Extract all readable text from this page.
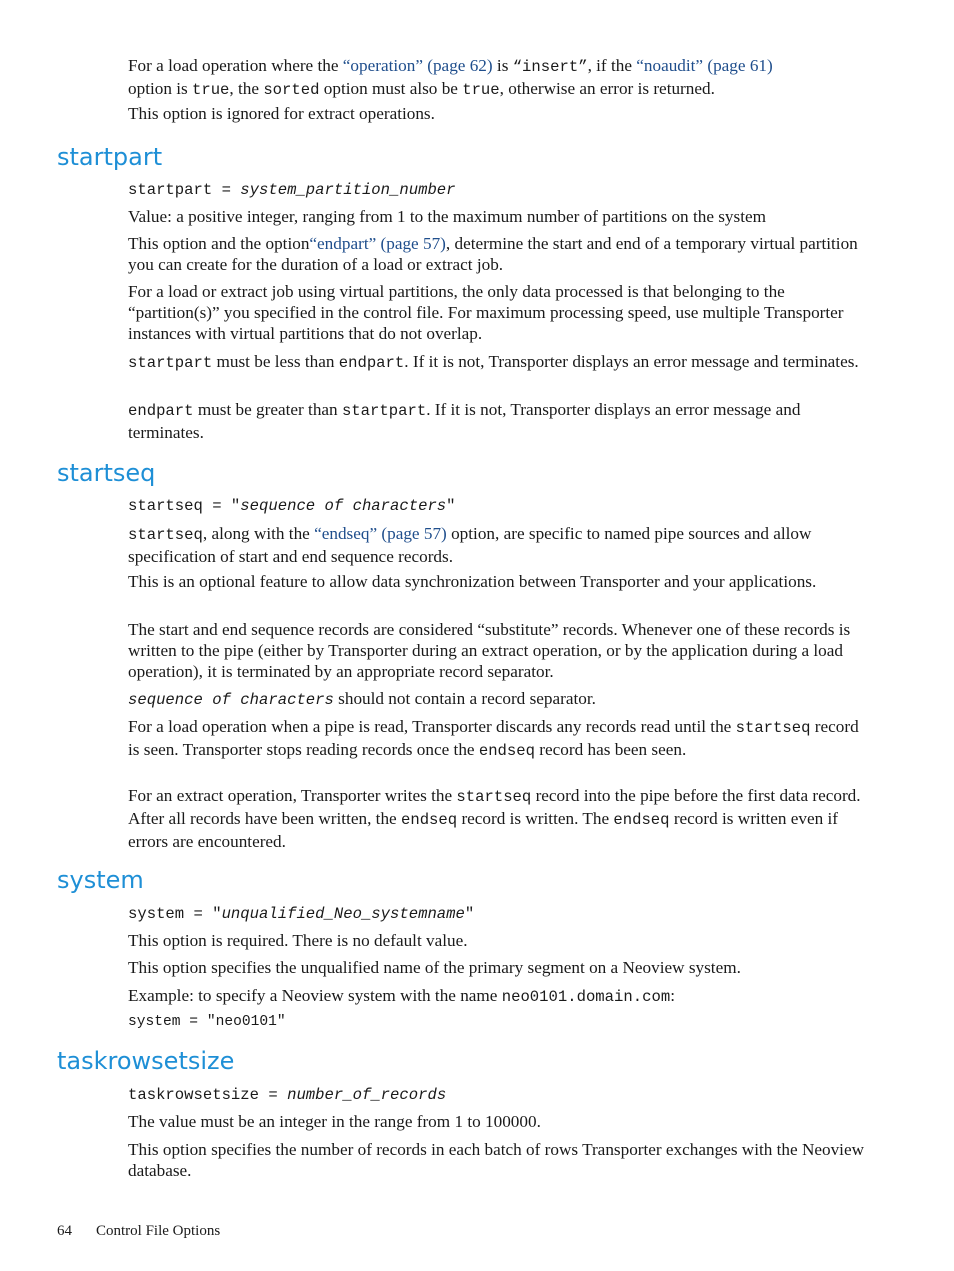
For a load operation where the “operation” (page 62) is “insert”, if the “noaudit” (page 61)
option is true, the sorted option must also be true, otherwise an error is returned.

This option is ignored for extract operations.

startpart
startpart = system_partition_number

Value: a positive integer, ranging from 1 to the maximum number of partitions on the system

This option and the option“endpart” (page 57), determine the start and end of a temporary virtual partition you can create for the duration of a load or extract job.

For a load or extract job using virtual partitions, the only data processed is that belonging to the “partition(s)” you specified in the control file. For maximum processing speed, use multiple Transporter instances with virtual partitions that do not overlap.

startpart must be less than endpart. If it is not, Transporter displays an error message and terminates.

endpart must be greater than startpart. If it is not, Transporter displays an error message and terminates.

startseq
startseq = "sequence of characters"

startseq, along with the “endseq” (page 57) option, are specific to named pipe sources and allow specification of start and end sequence records.

This is an optional feature to allow data synchronization between Transporter and your applications.

The start and end sequence records are considered “substitute” records. Whenever one of these records is written to the pipe (either by Transporter during an extract operation, or by the application during a load operation), it is terminated by an appropriate record separator.

sequence of characters should not contain a record separator.

For a load operation when a pipe is read, Transporter discards any records read until the startseq record is seen. Transporter stops reading records once the endseq record has been seen.

For an extract operation, Transporter writes the startseq record into the pipe before the first data record. After all records have been written, the endseq record is written. The endseq record is written even if errors are encountered.

system
system = "unqualified_Neo_systemname"

This option is required. There is no default value.

This option specifies the unqualified name of the primary segment on a Neoview system.

Example: to specify a Neoview system with the name neo0101.domain.com:

system = "neo0101"
taskrowsetsize
taskrowsetsize = number_of_records

The value must be an integer in the range from 1 to 100000.

This option specifies the number of records in each batch of rows Transporter exchanges with the Neoview database.

64 Control File Options
